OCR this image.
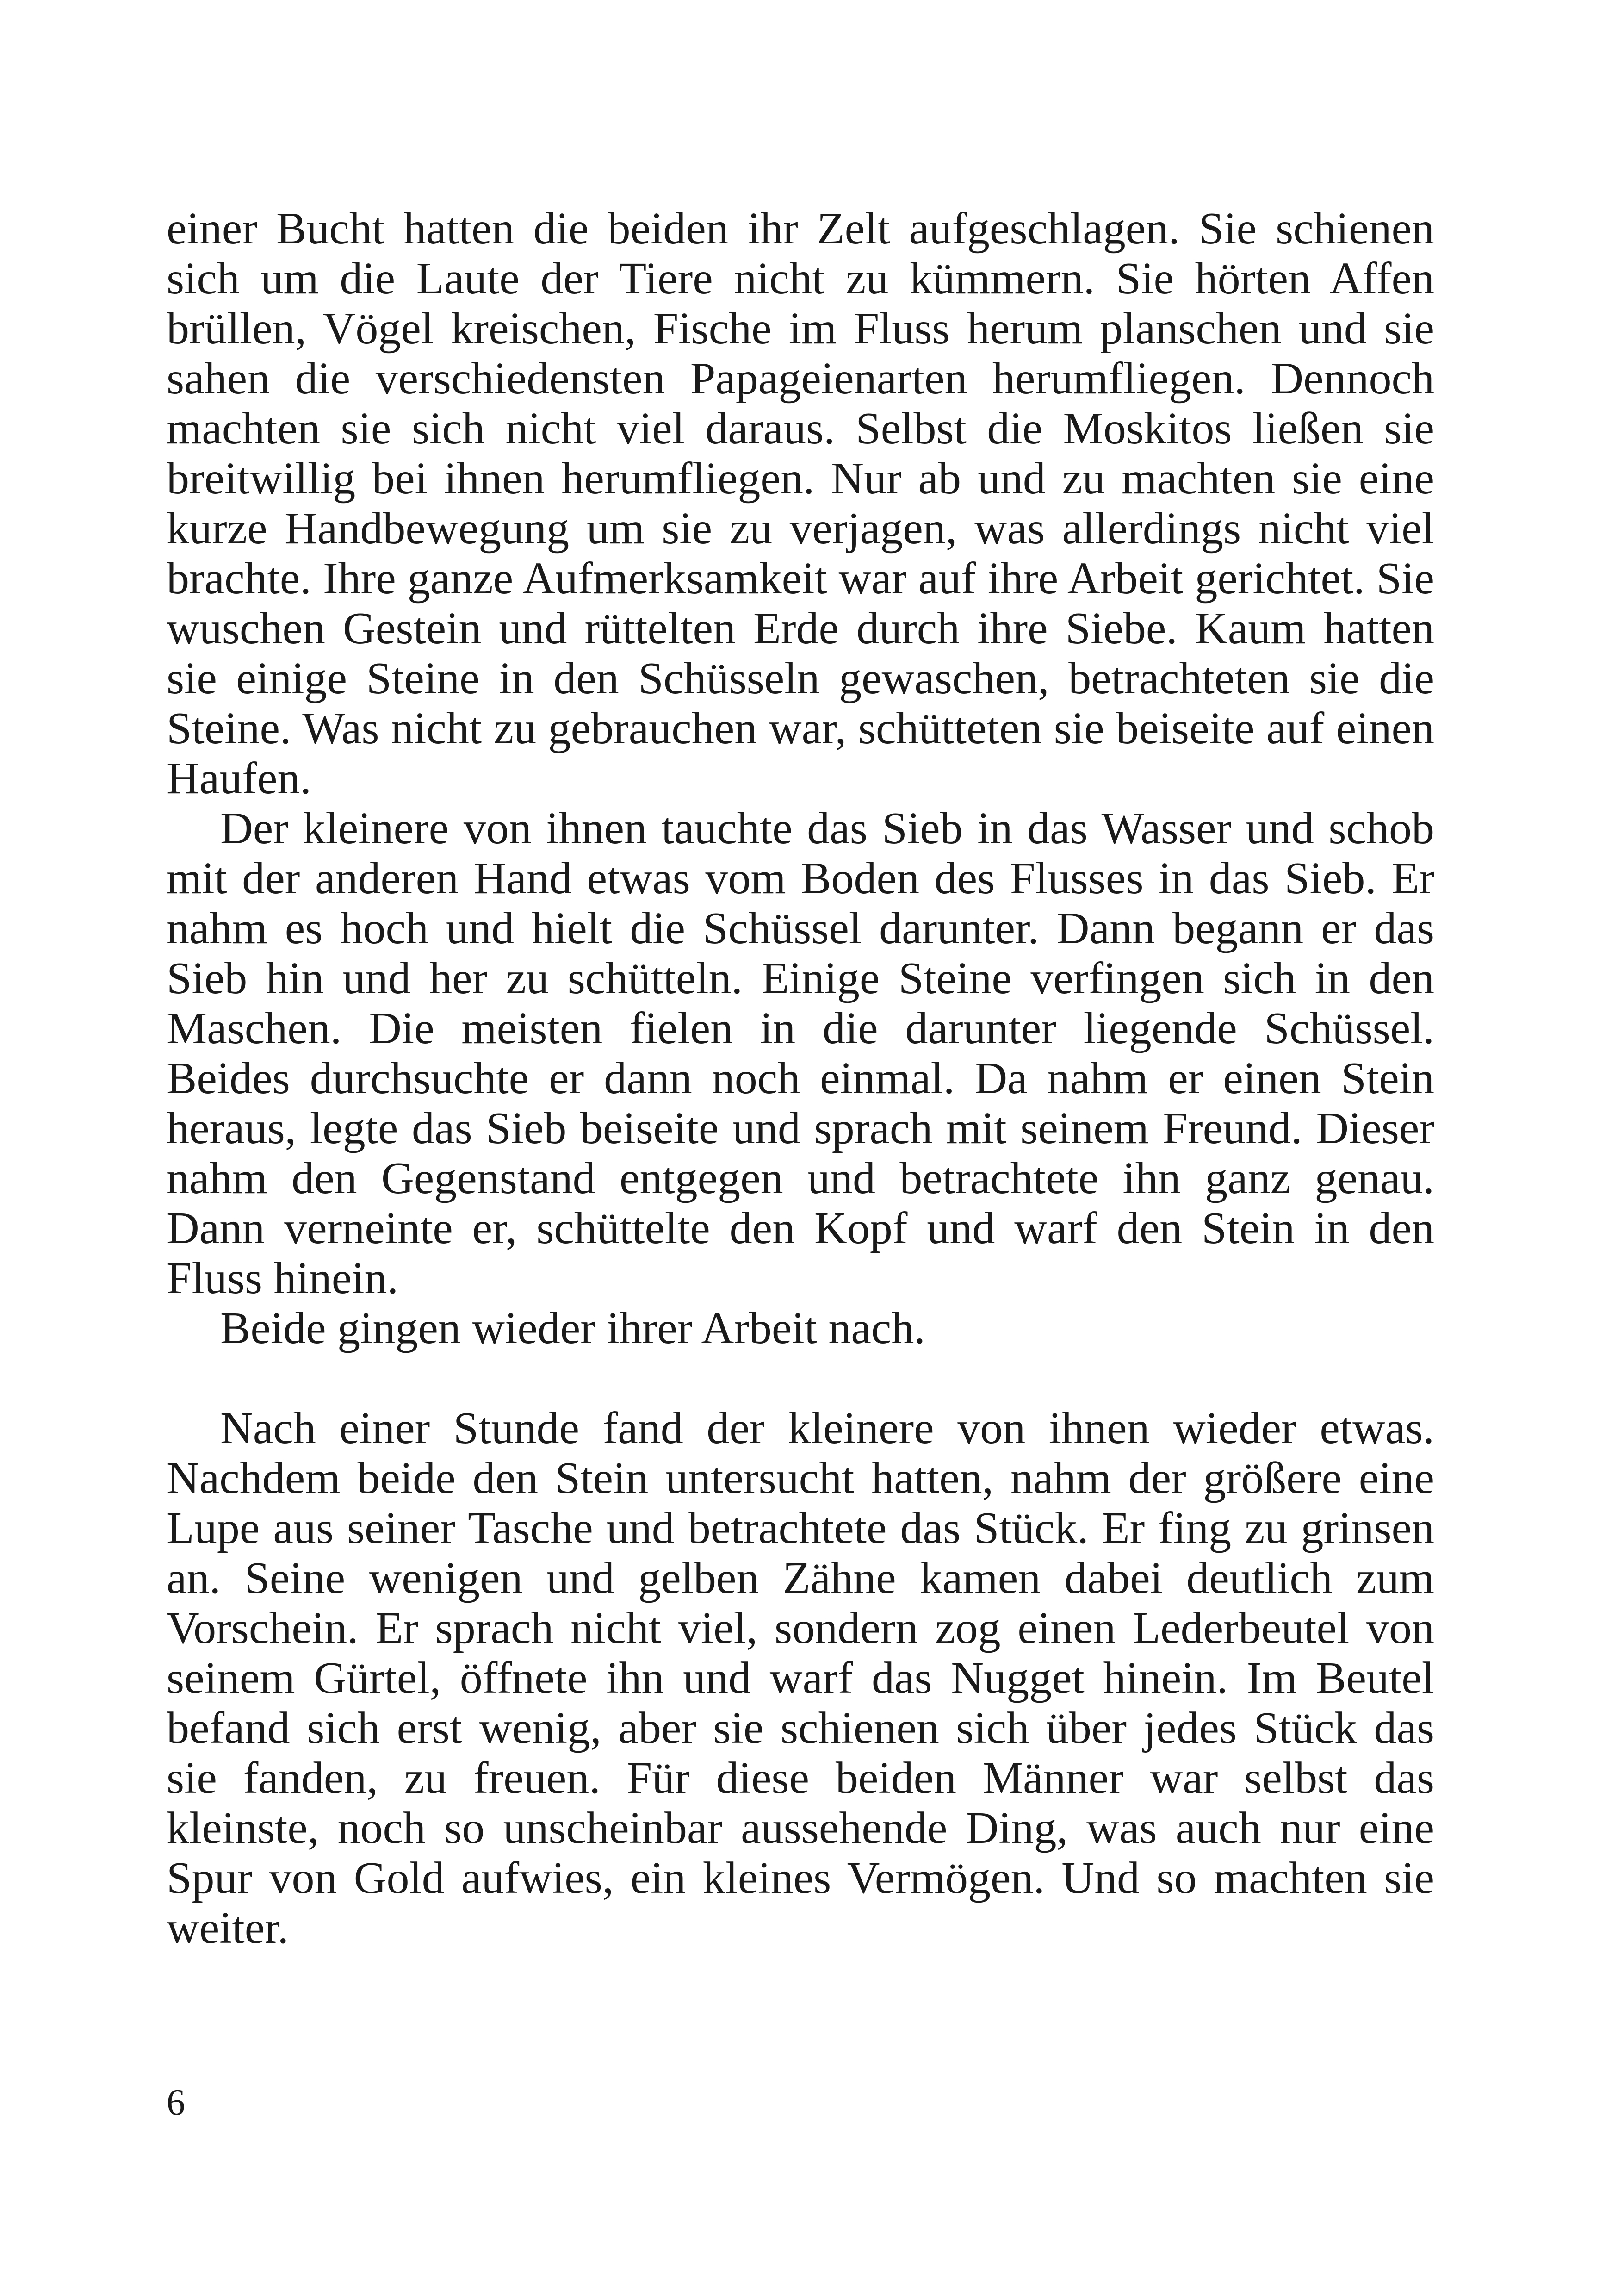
einer Bucht hatten die beiden ihr Zelt aufgeschlagen. Sie schienen sich um die Laute der Tiere nicht zu kümmern. Sie hörten Affen brüllen, Vögel kreischen, Fische im Fluss herum planschen und sie sahen die verschiedensten Papageienarten herumfliegen. Dennoch machten sie sich nicht viel daraus. Selbst die Moskitos ließen sie breitwillig bei ihnen herumfliegen. Nur ab und zu machten sie eine kurze Handbewegung um sie zu verjagen, was allerdings nicht viel brachte. Ihre ganze Aufmerksamkeit war auf ihre Arbeit gerichtet. Sie wuschen Gestein und rüttelten Erde durch ihre Siebe. Kaum hatten sie einige Steine in den Schüsseln gewaschen, betrachteten sie die Steine. Was nicht zu gebrauchen war, schütteten sie beiseite auf einen Haufen.

Der kleinere von ihnen tauchte das Sieb in das Wasser und schob mit der anderen Hand etwas vom Boden des Flusses in das Sieb. Er nahm es hoch und hielt die Schüssel darunter. Dann begann er das Sieb hin und her zu schütteln. Einige Steine verfingen sich in den Maschen. Die meisten fielen in die darunter liegende Schüssel. Beides durchsuchte er dann noch einmal. Da nahm er einen Stein heraus, legte das Sieb beiseite und sprach mit seinem Freund. Dieser nahm den Gegenstand entgegen und betrachtete ihn ganz genau. Dann verneinte er, schüttelte den Kopf und warf den Stein in den Fluss hinein.

Beide gingen wieder ihrer Arbeit nach.

Nach einer Stunde fand der kleinere von ihnen wieder etwas. Nachdem beide den Stein untersucht hatten, nahm der größere eine Lupe aus seiner Tasche und betrachtete das Stück. Er fing zu grinsen an. Seine wenigen und gelben Zähne kamen dabei deutlich zum Vorschein. Er sprach nicht viel, sondern zog einen Lederbeutel von seinem Gürtel, öffnete ihn und warf das Nugget hinein. Im Beutel befand sich erst wenig, aber sie schienen sich über jedes Stück das sie fanden, zu freuen. Für diese beiden Männer war selbst das kleinste, noch so unscheinbar aussehende Ding, was auch nur eine Spur von Gold aufwies, ein kleines Vermögen. Und so machten sie weiter.

6
